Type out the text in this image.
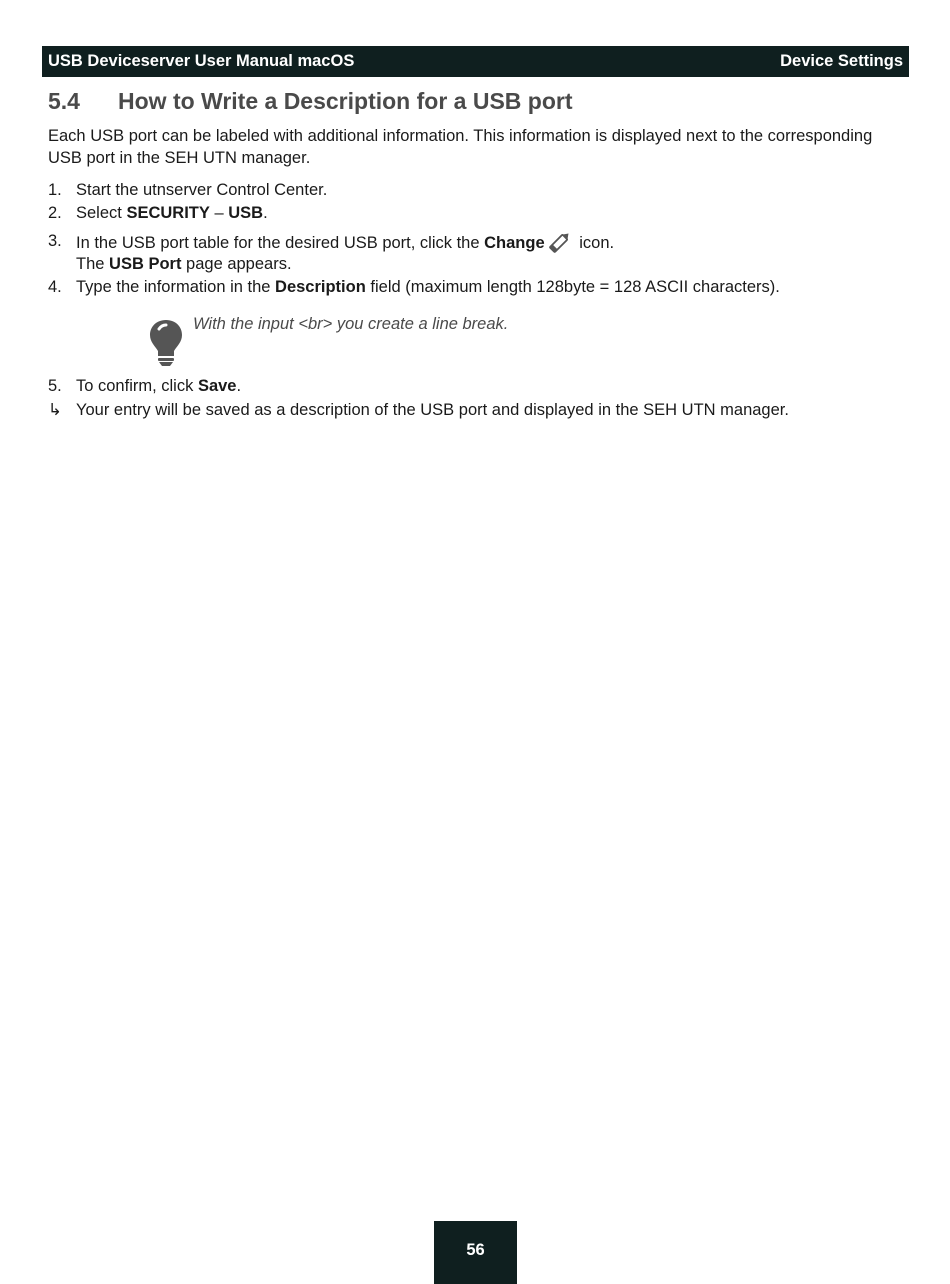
USB Deviceserver User Manual macOS	Device Settings
5.4 How to Write a Description for a USB port

Each USB port can be labeled with additional information. This information is displayed next to the corresponding USB port in the SEH UTN manager.

1. Start the utnserver Control Center.
2. Select SECURITY – USB.
3. In the USB port table for the desired USB port, click the Change icon.
The USB Port page appears.
4. Type the information in the Description field (maximum length 128byte = 128 ASCII characters).
With the input <br> you create a line break.
5. To confirm, click Save.
↳ Your entry will be saved as a description of the USB port and displayed in the SEH UTN manager.
56
